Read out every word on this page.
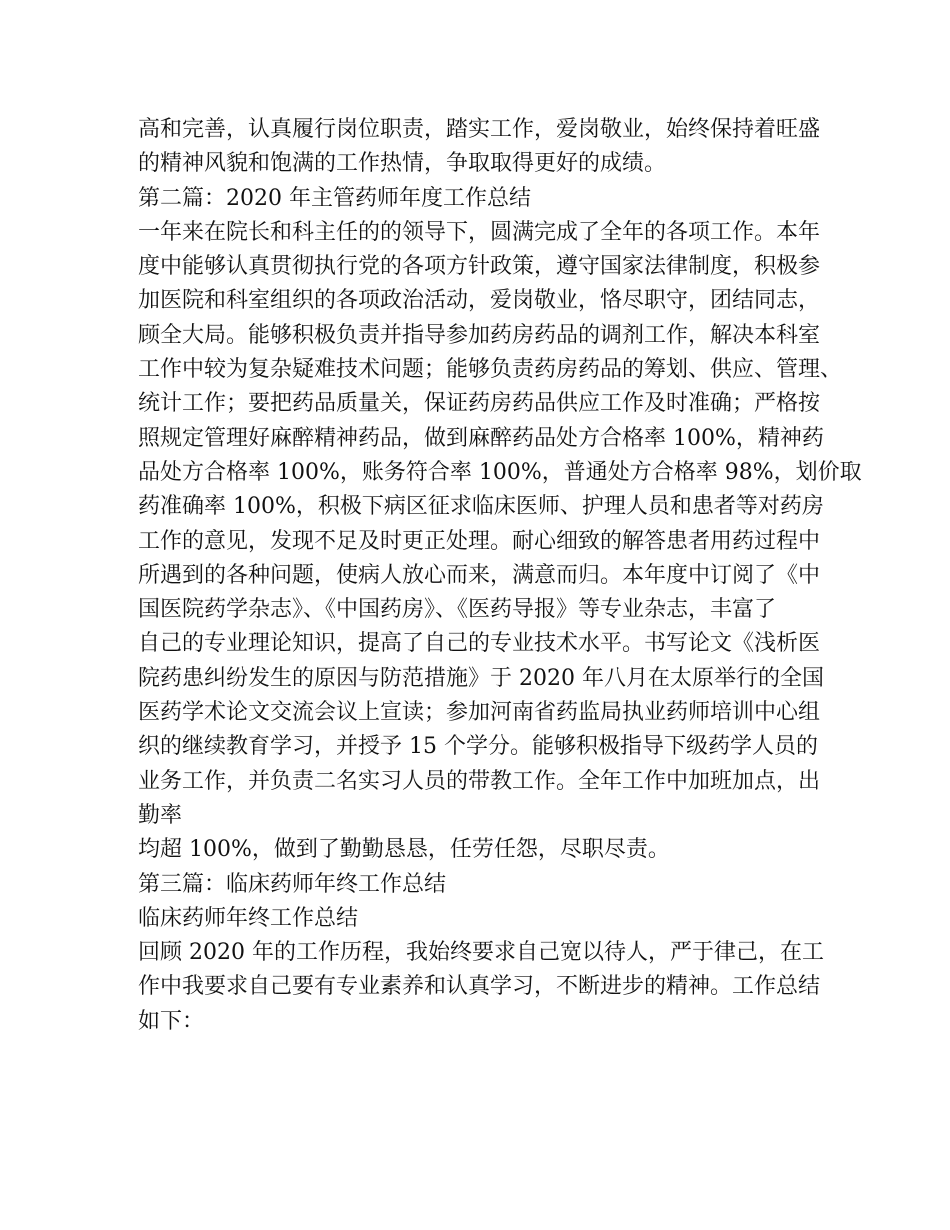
高和完善，认真履行岗位职责，踏实工作，爱岗敬业，始终保持着旺盛
的精神风貌和饱满的工作热情，争取取得更好的成绩。
第二篇：2020 年主管药师年度工作总结
一年来在院长和科主任的的领导下，圆满完成了全年的各项工作。本年
度中能够认真贯彻执行党的各项方针政策，遵守国家法律制度，积极参
加医院和科室组织的各项政治活动，爱岗敬业，恪尽职守，团结同志，
顾全大局。能够积极负责并指导参加药房药品的调剂工作，解决本科室
工作中较为复杂疑难技术问题；能够负责药房药品的筹划、供应、管理、
统计工作；要把药品质量关，保证药房药品供应工作及时准确；严格按
照规定管理好麻醉精神药品，做到麻醉药品处方合格率 100%，精神药
品处方合格率 100%，账务符合率 100%，普通处方合格率 98%，划价取
药准确率 100%，积极下病区征求临床医师、护理人员和患者等对药房
工作的意见，发现不足及时更正处理。耐心细致的解答患者用药过程中
所遇到的各种问题，使病人放心而来，满意而归。本年度中订阅了《中
国医院药学杂志》、《中国药房》、《医药导报》等专业杂志，丰富了
自己的专业理论知识，提高了自己的专业技术水平。书写论文《浅析医
院药患纠纷发生的原因与防范措施》于 2020 年八月在太原举行的全国
医药学术论文交流会议上宣读；参加河南省药监局执业药师培训中心组
织的继续教育学习，并授予 15 个学分。能够积极指导下级药学人员的
业务工作，并负责二名实习人员的带教工作。全年工作中加班加点，出
勤率
均超 100%，做到了勤勤恳恳，任劳任怨，尽职尽责。
第三篇：临床药师年终工作总结
临床药师年终工作总结
回顾 2020 年的工作历程，我始终要求自己宽以待人，严于律己，在工
作中我要求自己要有专业素养和认真学习，不断进步的精神。工作总结
如下：
